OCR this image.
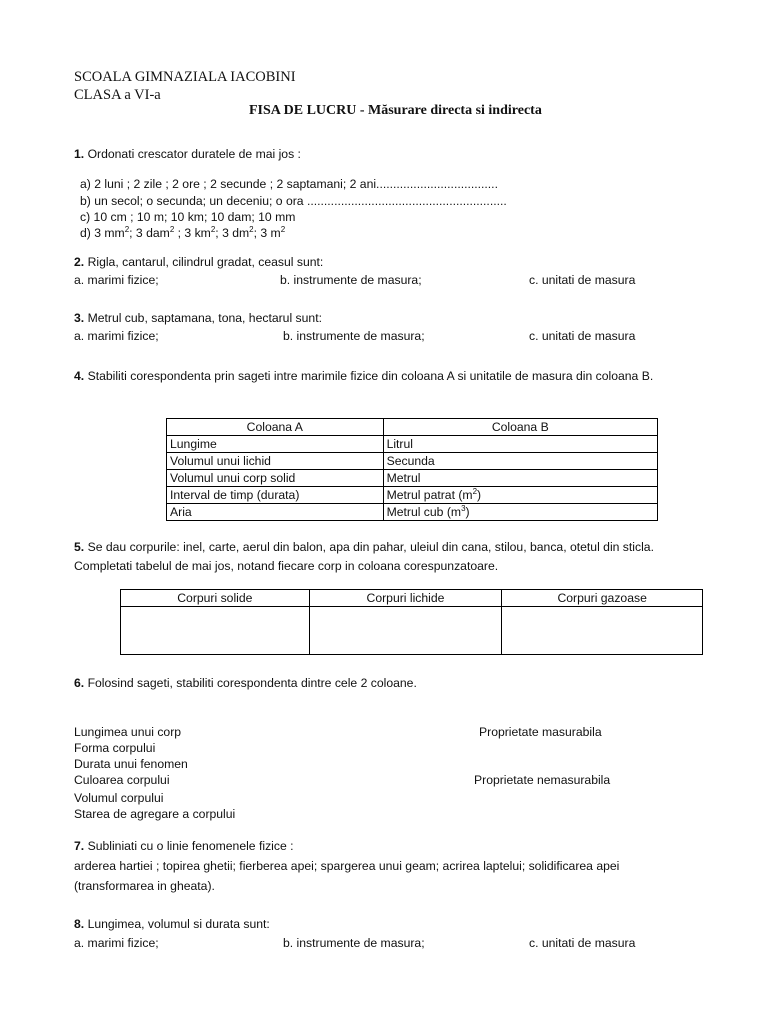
SCOALA GIMNAZIALA IACOBINI
CLASA a VI-a
FISA DE LUCRU - Măsurare directa si indirecta
1. Ordonati crescator duratele de mai jos :
a) 2 luni ; 2 zile ; 2 ore ; 2 secunde ; 2 saptamani; 2 ani....................................
b) un secol; o secunda; un deceniu; o ora ...........................................................
c) 10 cm ; 10 m; 10 km; 10 dam; 10 mm
d) 3 $mm^2$; 3 dam$^2$ ; 3 $km^2$; 3 $dm^2$; 3 $m^2$
2. Rigla, cantarul, cilindrul gradat, ceasul sunt:
a. marimi fizice;	b. instrumente de masura;	c. unitati de masura
3. Metrul cub, saptamana, tona, hectarul sunt:
a. marimi fizice;	b. instrumente de masura;	c. unitati de masura
4. Stabiliti corespondenta prin sageti intre marimile fizice din coloana A si unitatile de masura din coloana B.
Coloana A	Coloana B
Lungime	Litrul
Volumul unui lichid	Secunda
Volumul unui corp solid	Metrul
Interval de timp (durata)	Metrul patrat $(m^2)$
Aria	Metrul cub $(m^3)$
5. Se dau corpurile: inel, carte, aerul din balon, apa din pahar, uleiul din cana, stilou, banca, otetul din sticla.
Completati tabelul de mai jos, notand fiecare corp in coloana corespunzatoare.
Corpuri solide	Corpuri lichide	Corpuri gazoase

6. Folosind sageti, stabiliti corespondenta dintre cele 2 coloane.
Lungimea unui corp
Forma corpului
Durata unui fenomen
Culoarea corpului
Volumul corpului
Starea de agregare a corpului
Proprietate masurabila
Proprietate nemasurabila
7. Subliniati cu o linie fenomenele fizice :
arderea hartiei ; topirea ghetii; fierberea apei; spargerea unui geam; acrirea laptelui; solidificarea apei
(transformarea in gheata).
8. Lungimea, volumul si durata sunt:
a. marimi fizice;	b. instrumente de masura;	c. unitati de masura
